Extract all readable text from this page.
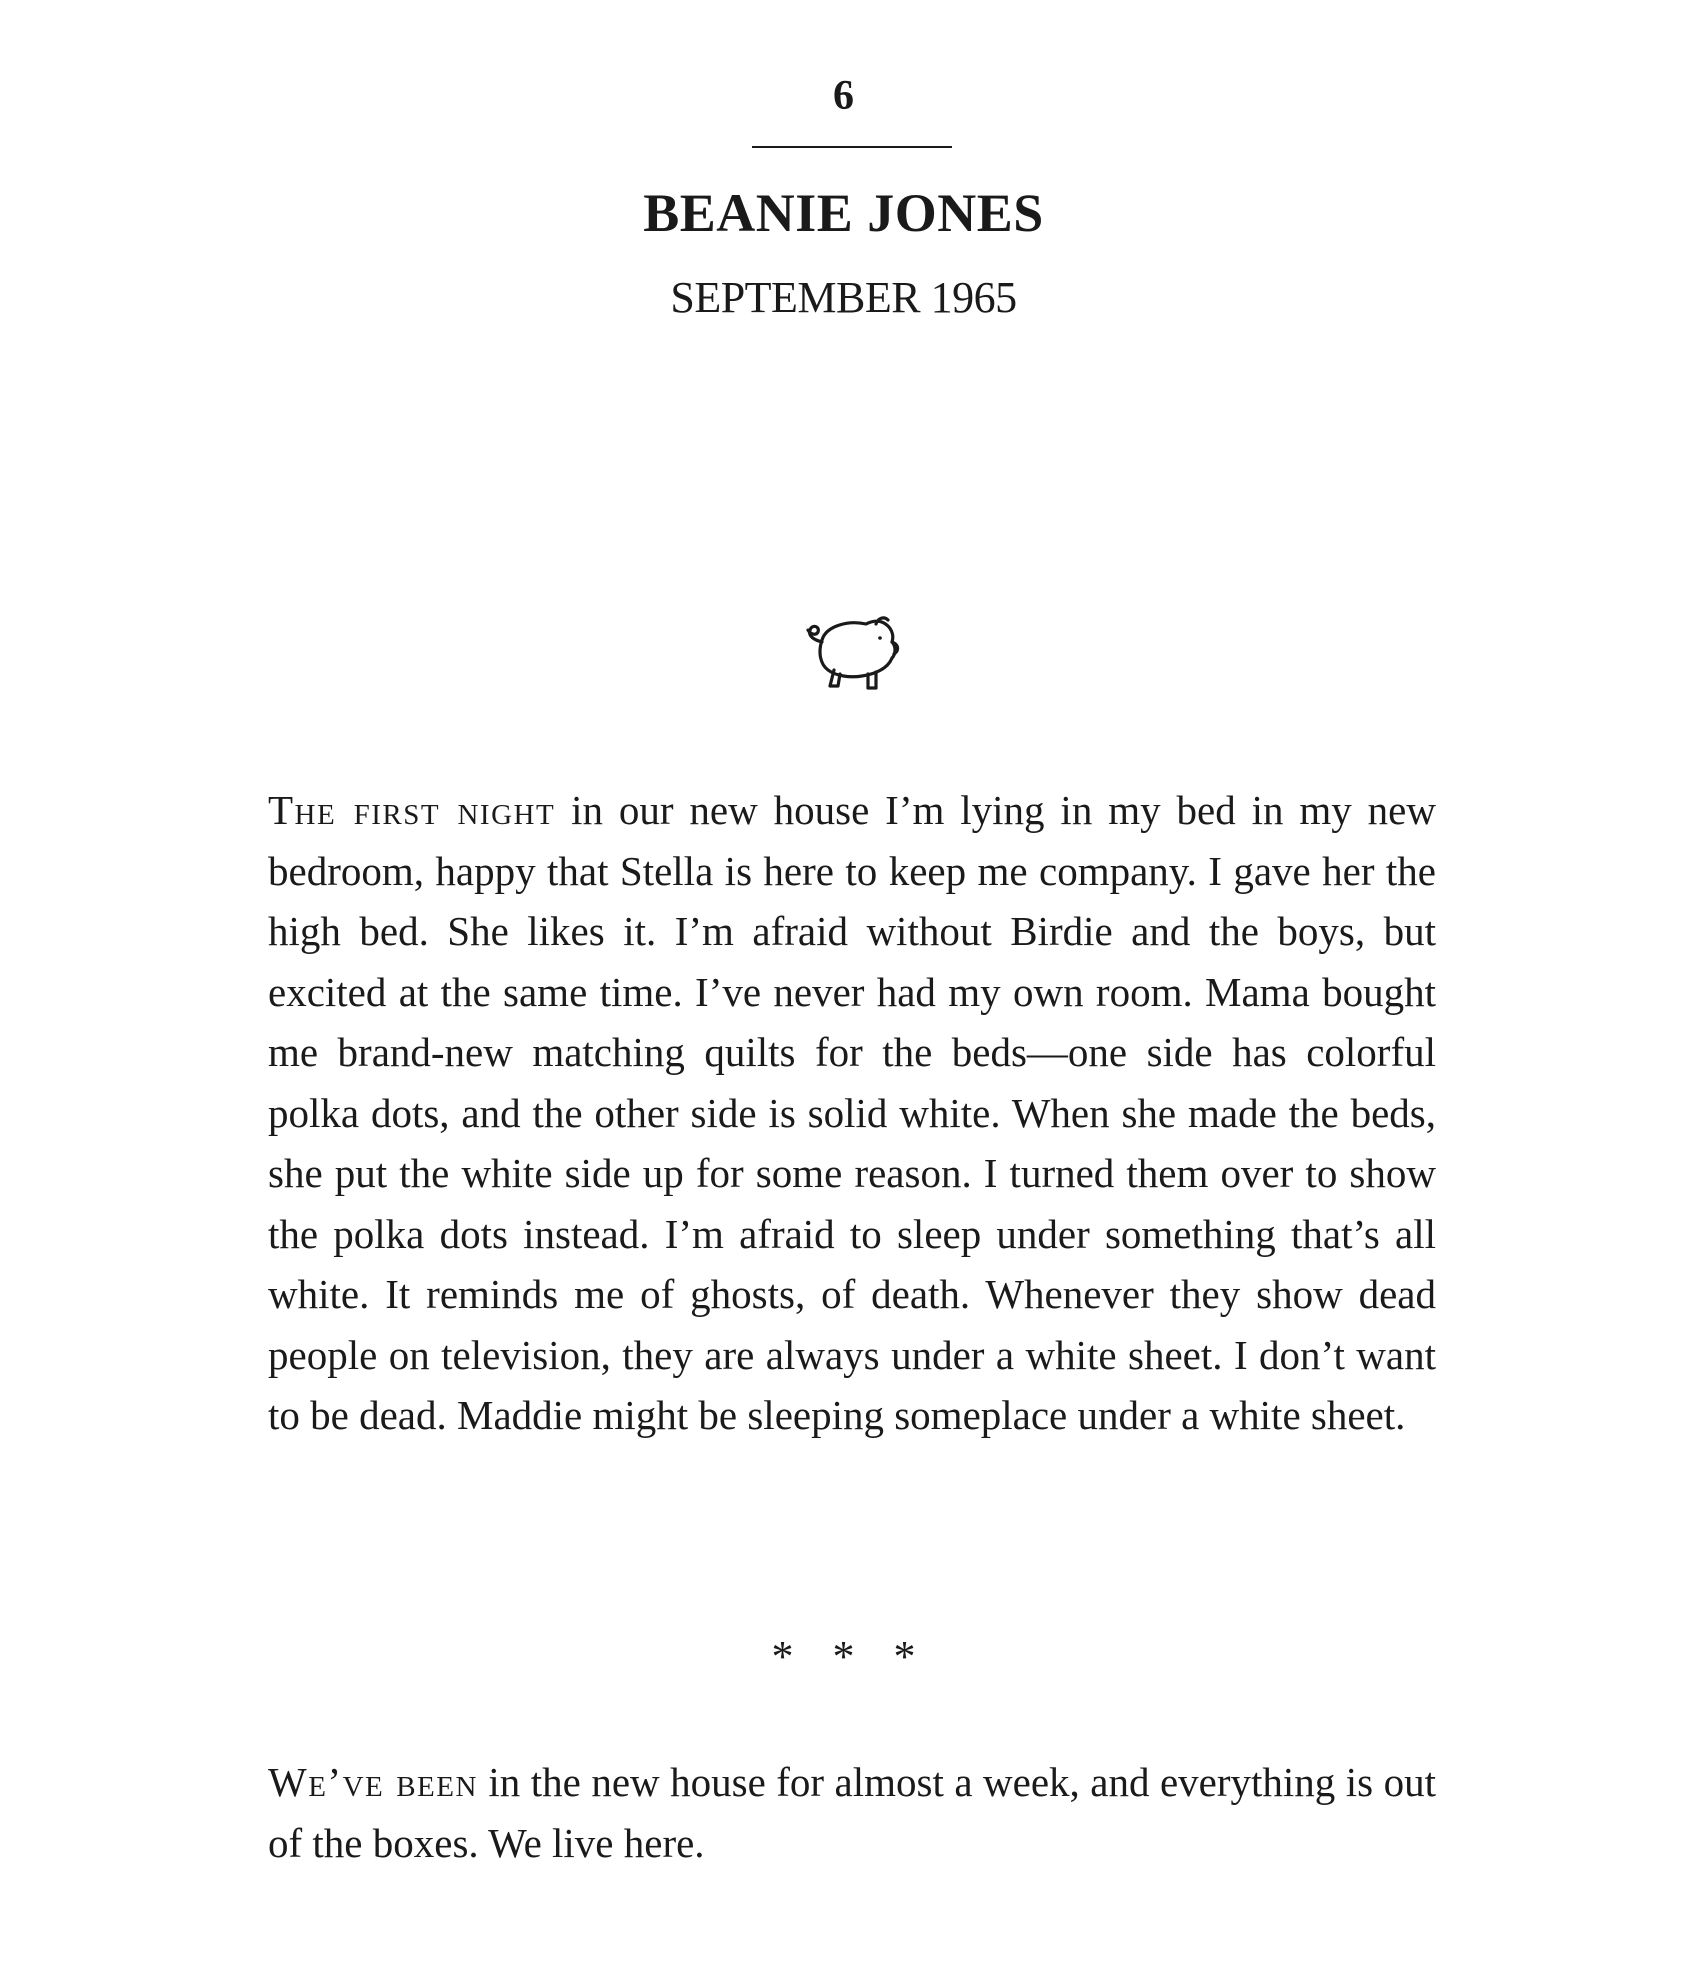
6
BEANIE JONES
SEPTEMBER 1965

The first night in our new house I’m lying in my bed in my new bedroom, happy that Stella is here to keep me company. I gave her the high bed. She likes it. I’m afraid without Birdie and the boys, but excited at the same time. I’ve never had my own room. Mama bought me brand-new matching quilts for the beds—one side has colorful polka dots, and the other side is solid white. When she made the beds, she put the white side up for some reason. I turned them over to show the polka dots instead. I’m afraid to sleep under something that’s all white. It reminds me of ghosts, of death. Whenever they show dead people on television, they are always under a white sheet. I don’t want to be dead. Maddie might be sleeping someplace under a white sheet.

* * *

We’ve been in the new house for almost a week, and everything is out of the boxes. We live here.
